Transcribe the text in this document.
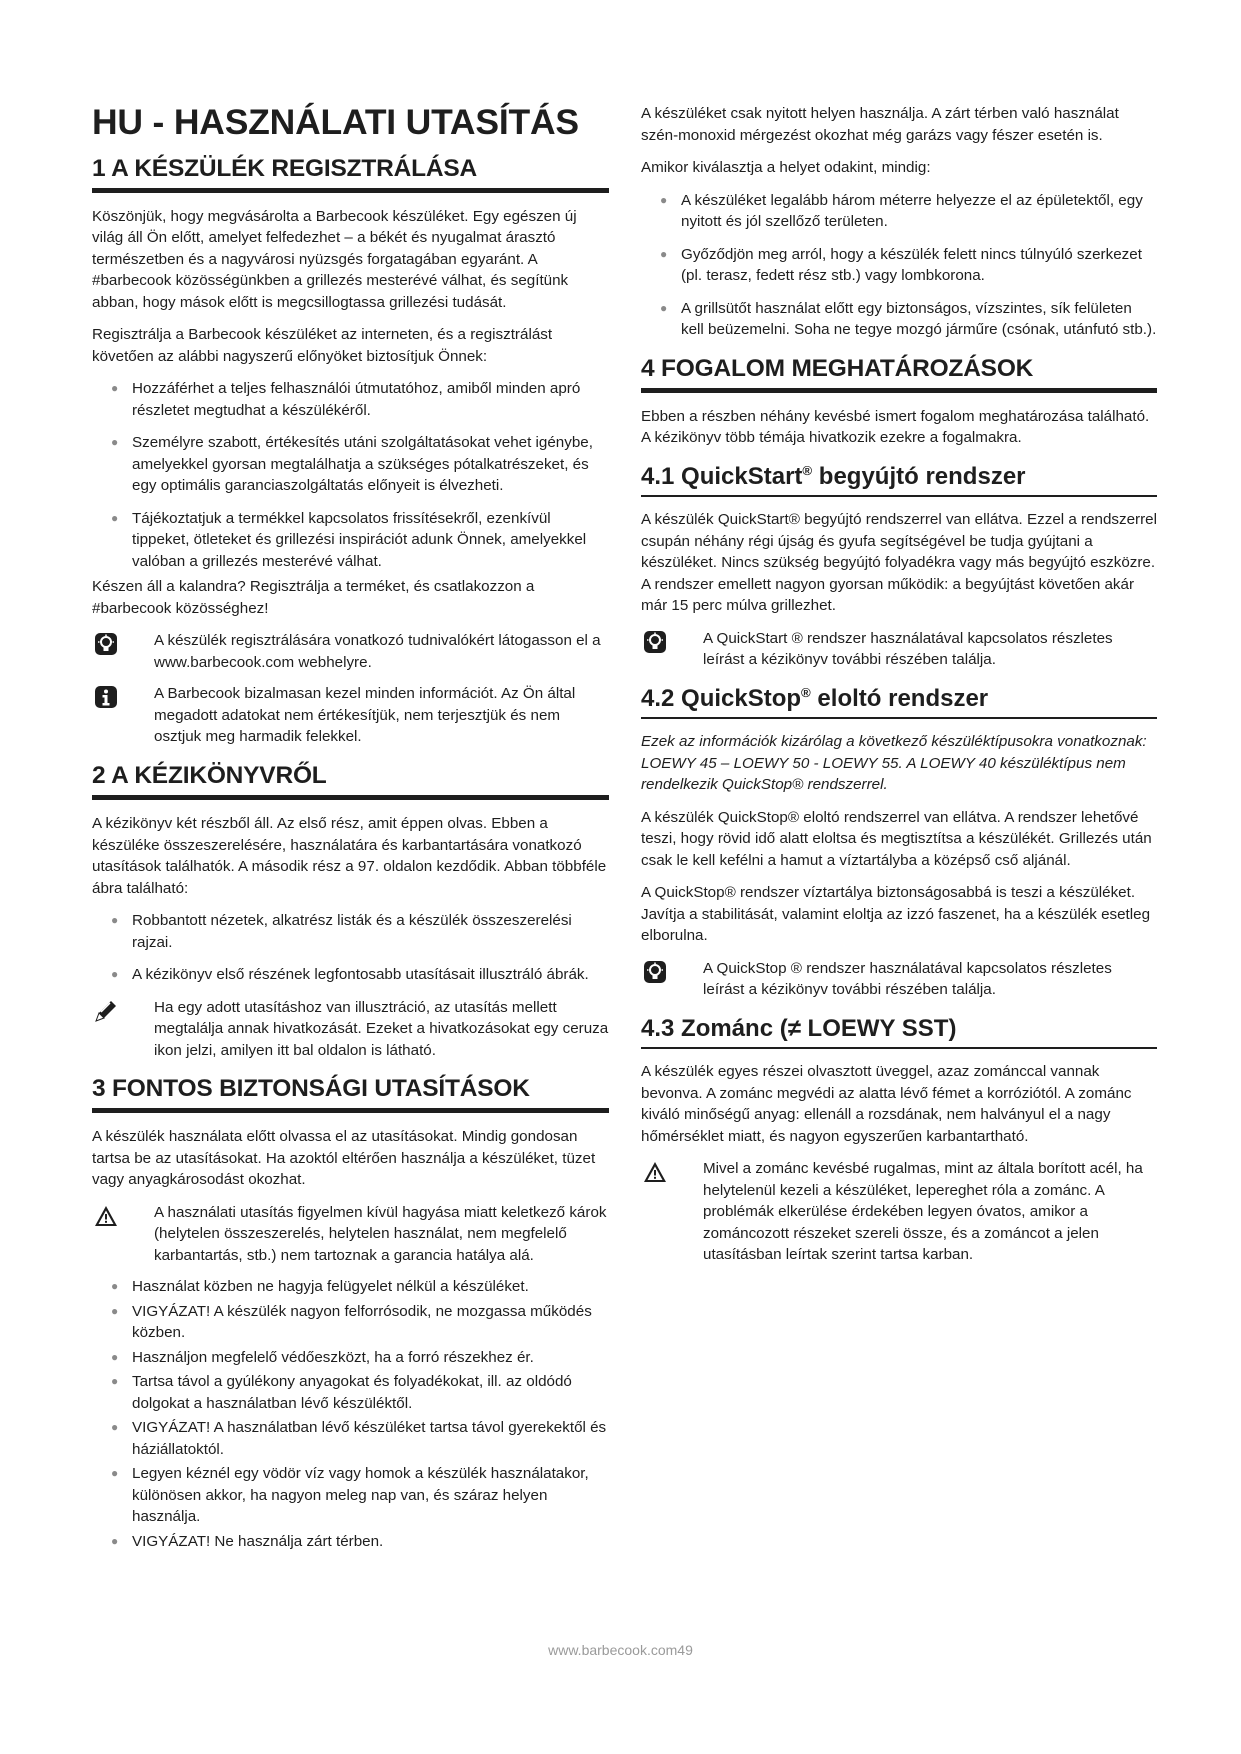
HU - HASZNÁLATI UTASÍTÁS
1 A KÉSZÜLÉK REGISZTRÁLÁSA

Köszönjük, hogy megvásárolta a Barbecook készüléket. Egy egészen új világ áll Ön előtt, amelyet felfedezhet – a békét és nyugalmat árasztó természetben és a nagyvárosi nyüzsgés forgatagában egyaránt. A #barbecook közösségünkben a grillezés mesterévé válhat, és segítünk abban, hogy mások előtt is megcsillogtassa grillezési tudását.

Regisztrálja a Barbecook készüléket az interneten, és a regisztrálást követően az alábbi nagyszerű előnyöket biztosítjuk Önnek:

● Hozzáférhet a teljes felhasználói útmutatóhoz, amiből minden apró részletet megtudhat a készülékéről.
● Személyre szabott, értékesítés utáni szolgáltatásokat vehet igénybe, amelyekkel gyorsan megtalálhatja a szükséges pótalkatrészeket, és egy optimális garanciaszolgáltatás előnyeit is élvezheti.
● Tájékoztatjuk a termékkel kapcsolatos frissítésekről, ezenkívül tippeket, ötleteket és grillezési inspirációt adunk Önnek, amelyekkel valóban a grillezés mesterévé válhat.

Készen áll a kalandra? Regisztrálja a terméket, és csatlakozzon a #barbecook közösséghez!

A készülék regisztrálására vonatkozó tudnivalókért látogasson el a www.barbecook.com webhelyre.
A Barbecook bizalmasan kezel minden információt. Az Ön által megadott adatokat nem értékesítjük, nem terjesztjük és nem osztjuk meg harmadik felekkel.
2 A KÉZIKÖNYVRŐL

A kézikönyv két részből áll. Az első rész, amit éppen olvas. Ebben a készüléke összeszerelésére, használatára és karbantartására vonatkozó utasítások találhatók. A második rész a 97. oldalon kezdődik. Abban többféle ábra található:

● Robbantott nézetek, alkatrész listák és a készülék összeszerelési rajzai.
● A kézikönyv első részének legfontosabb utasításait illusztráló ábrák.
Ha egy adott utasításhoz van illusztráció, az utasítás mellett megtalálja annak hivatkozását. Ezeket a hivatkozásokat egy ceruza ikon jelzi, amilyen itt bal oldalon is látható.
3 FONTOS BIZTONSÁGI UTASÍTÁSOK

A készülék használata előtt olvassa el az utasításokat. Mindig gondosan tartsa be az utasításokat. Ha azoktól eltérően használja a készüléket, tüzet vagy anyagkárosodást okozhat.

A használati utasítás figyelmen kívül hagyása miatt keletkező károk (helytelen összeszerelés, helytelen használat, nem megfelelő karbantartás, stb.) nem tartoznak a garancia hatálya alá.
● Használat közben ne hagyja felügyelet nélkül a készüléket.
● VIGYÁZAT! A készülék nagyon felforrósodik, ne mozgassa működés közben.
● Használjon megfelelő védőeszközt, ha a forró részekhez ér.
● Tartsa távol a gyúlékony anyagokat és folyadékokat, ill. az oldódó dolgokat a használatban lévő készüléktől.
● VIGYÁZAT! A használatban lévő készüléket tartsa távol gyerekektől és háziállatoktól.
● Legyen kéznél egy vödör víz vagy homok a készülék használatakor, különösen akkor, ha nagyon meleg nap van, és száraz helyen használja.
● VIGYÁZAT! Ne használja zárt térben.

A készüléket csak nyitott helyen használja. A zárt térben való használat szén-monoxid mérgezést okozhat még garázs vagy fészer esetén is.

Amikor kiválasztja a helyet odakint, mindig:

● A készüléket legalább három méterre helyezze el az épületektől, egy nyitott és jól szellőző területen.
● Győződjön meg arról, hogy a készülék felett nincs túlnyúló szerkezet (pl. terasz, fedett rész stb.) vagy lombkorona.
● A grillsütőt használat előtt egy biztonságos, vízszintes, sík felületen kell beüzemelni. Soha ne tegye mozgó járműre (csónak, utánfutó stb.).
4 FOGALOM MEGHATÁROZÁSOK

Ebben a részben néhány kevésbé ismert fogalom meghatározása található. A kézikönyv több témája hivatkozik ezekre a fogalmakra.

4.1 QuickStart® begyújtó rendszer

A készülék QuickStart® begyújtó rendszerrel van ellátva. Ezzel a rendszerrel csupán néhány régi újság és gyufa segítségével be tudja gyújtani a készüléket. Nincs szükség begyújtó folyadékra vagy más begyújtó eszközre. A rendszer emellett nagyon gyorsan működik: a begyújtást követően akár már 15 perc múlva grillezhet.

A QuickStart ® rendszer használatával kapcsolatos részletes leírást a kézikönyv további részében találja.
4.2 QuickStop® eloltó rendszer

Ezek az információk kizárólag a következő készüléktípusokra vonatkoznak: LOEWY 45 – LOEWY 50 - LOEWY 55. A LOEWY 40 készüléktípus nem rendelkezik QuickStop® rendszerrel.

A készülék QuickStop® eloltó rendszerrel van ellátva. A rendszer lehetővé teszi, hogy rövid idő alatt eloltsa és megtisztítsa a készülékét. Grillezés után csak le kell kefélni a hamut a víztartályba a középső cső aljánál.

A QuickStop® rendszer víztartálya biztonságosabbá is teszi a készüléket. Javítja a stabilitását, valamint eloltja az izzó faszenet, ha a készülék esetleg elborulna.

A QuickStop ® rendszer használatával kapcsolatos részletes leírást a kézikönyv további részében találja.
4.3 Zománc (≠ LOEWY SST)

A készülék egyes részei olvasztott üveggel, azaz zománccal vannak bevonva. A zománc megvédi az alatta lévő fémet a korróziótól. A zománc kiváló minőségű anyag: ellenáll a rozsdának, nem halványul el a nagy hőmérséklet miatt, és nagyon egyszerűen karbantartható.

Mivel a zománc kevésbé rugalmas, mint az általa borított acél, ha helytelenül kezeli a készüléket, lepereghet róla a zománc. A problémák elkerülése érdekében legyen óvatos, amikor a zománcozott részeket szereli össze, és a zománcot a jelen utasításban leírtak szerint tartsa karban.
www.barbecook.com49
